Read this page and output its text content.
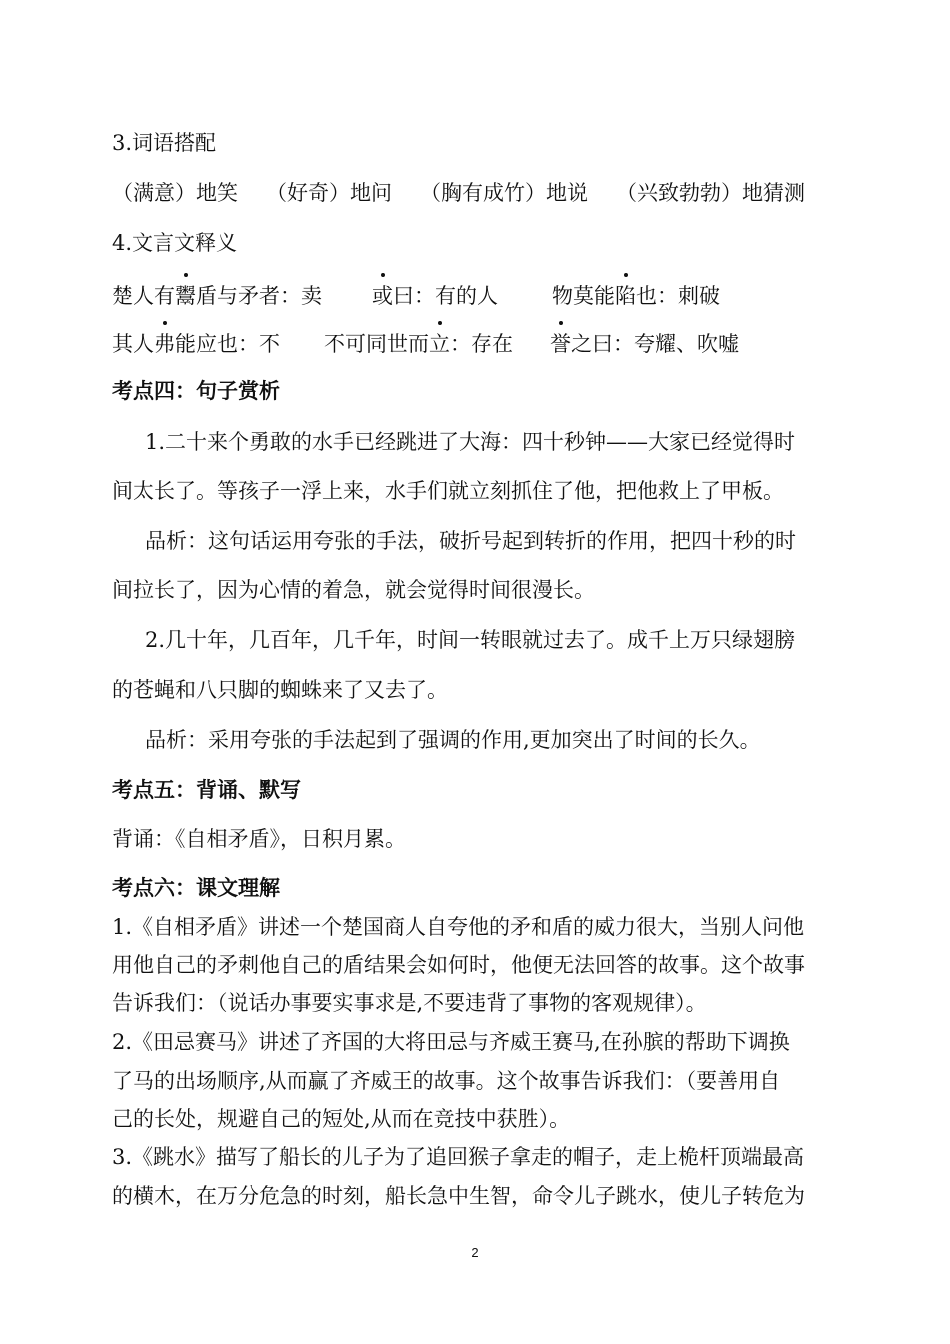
3.词语搭配
（满意）地笑 （好奇）地问 （胸有成竹）地说 （兴致勃勃）地猜测
4.文言文释义
楚人有鬻盾与矛者：卖 或曰：有的人	物莫能陷也：刺破
其人弗能应也：不 不可同世而立：存在 誉之曰：夸耀、吹嘘
考点四：句子赏析
1.二十来个勇敢的水手已经跳进了大海：四十秒钟——大家已经觉得时
间太长了。等孩子一浮上来，水手们就立刻抓住了他，把他救上了甲板。
品析：这句话运用夸张的手法，破折号起到转折的作用，把四十秒的时
间拉长了，因为心情的着急，就会觉得时间很漫长。
2.几十年，几百年，几千年，时间一转眼就过去了。成千上万只绿翅膀
的苍蝇和八只脚的蜘蛛来了又去了。
品析：采用夸张的手法起到了强调的作用,更加突出了时间的长久。
考点五：背诵、默写
背诵：《自相矛盾》，日积月累。
考点六：课文理解
1.《自相矛盾》讲述一个楚国商人自夸他的矛和盾的威力很大，当别人问他
用他自己的矛刺他自己的盾结果会如何时，他便无法回答的故事。这个故事
告诉我们：（说话办事要实事求是,不要违背了事物的客观规律）。
2.《田忌赛马》讲述了齐国的大将田忌与齐威王赛马,在孙膑的帮助下调换
了马的出场顺序,从而赢了齐威王的故事。这个故事告诉我们：（要善用自
己的长处，规避自己的短处,从而在竞技中获胜）。
3.《跳水》描写了船长的儿子为了追回猴子拿走的帽子，走上桅杆顶端最高
的横木，在万分危急的时刻，船长急中生智，命令儿子跳水，使儿子转危为
2
